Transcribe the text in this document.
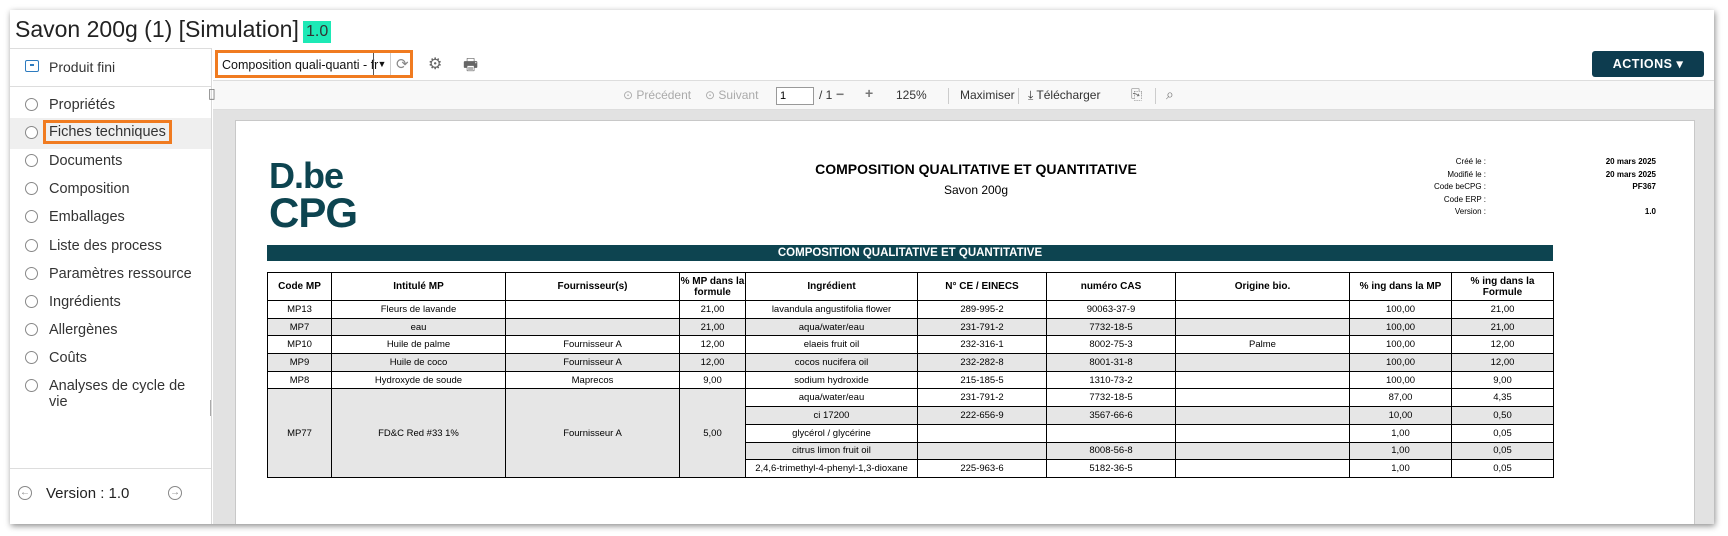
Savon 200g (1) [Simulation] 1.0
Produit fini
Propriétés
Fiches techniques
Documents
Composition
Emballages
Liste des process
Paramètres ressource
Ingrédients
Allergènes
Coûts
Analyses de cycle de vie
← Version : 1.0	→
Composition quali-quanti - fr ▼ ⟳ ⚙ 🖶	ACTIONS ▾
▯	⊙ Précédent ⊙ Suivant	1	/ 1 − + 125%	Maximiser ⤓ Télécharger ⎘ ⌕
D.be
CPG
COMPOSITION QUALITATIVE ET QUANTITATIVE
Savon 200g
Créé le :	20 mars 2025
Modifié le :	20 mars 2025
Code beCPG :	PF367
Code ERP :
Version :	1.0
COMPOSITION QUALITATIVE ET QUANTITATIVE
Code MP	Intitulé MP	Fournisseur(s)	% MP dans la formule	Ingrédient	N° CE / EINECS	numéro CAS	Origine bio.	% ing dans la MP	% ing dans la Formule
MP13	Fleurs de lavande		21,00	lavandula angustifolia flower	289-995-2	90063-37-9		100,00	21,00
MP7	eau		21,00	aqua/water/eau	231-791-2	7732-18-5		100,00	21,00
MP10	Huile de palme	Fournisseur A	12,00	elaeis fruit oil	232-316-1	8002-75-3	Palme	100,00	12,00
MP9	Huile de coco	Fournisseur A	12,00	cocos nucifera oil	232-282-8	8001-31-8		100,00	12,00
MP8	Hydroxyde de soude	Maprecos	9,00	sodium hydroxide	215-185-5	1310-73-2		100,00	9,00
MP77	FD&C Red #33 1%	Fournisseur A	5,00	aqua/water/eau	231-791-2	7732-18-5		87,00	4,35
				ci 17200	222-656-9	3567-66-6		10,00	0,50
				glycérol / glycérine				1,00	0,05
				citrus limon fruit oil		8008-56-8		1,00	0,05
				2,4,6-trimethyl-4-phenyl-1,3-dioxane	225-963-6	5182-36-5		1,00	0,05
